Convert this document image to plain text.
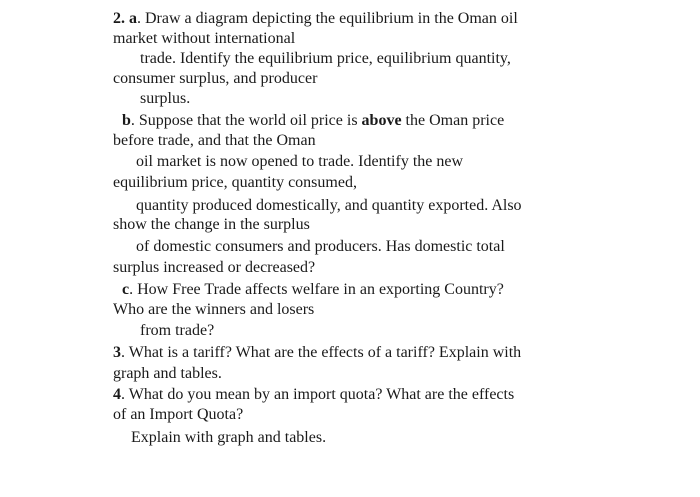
2. a. Draw a diagram depicting the equilibrium in the Oman oil
market without international
trade. Identify the equilibrium price, equilibrium quantity,
consumer surplus, and producer
surplus.
b. Suppose that the world oil price is above the Oman price
before trade, and that the Oman
oil market is now opened to trade. Identify the new
equilibrium price, quantity consumed,
quantity produced domestically, and quantity exported. Also
show the change in the surplus
of domestic consumers and producers. Has domestic total
surplus increased or decreased?
c. How Free Trade affects welfare in an exporting Country?
Who are the winners and losers
from trade?
3. What is a tariff? What are the effects of a tariff? Explain with
graph and tables.
4. What do you mean by an import quota? What are the effects
of an Import Quota?
Explain with graph and tables.
